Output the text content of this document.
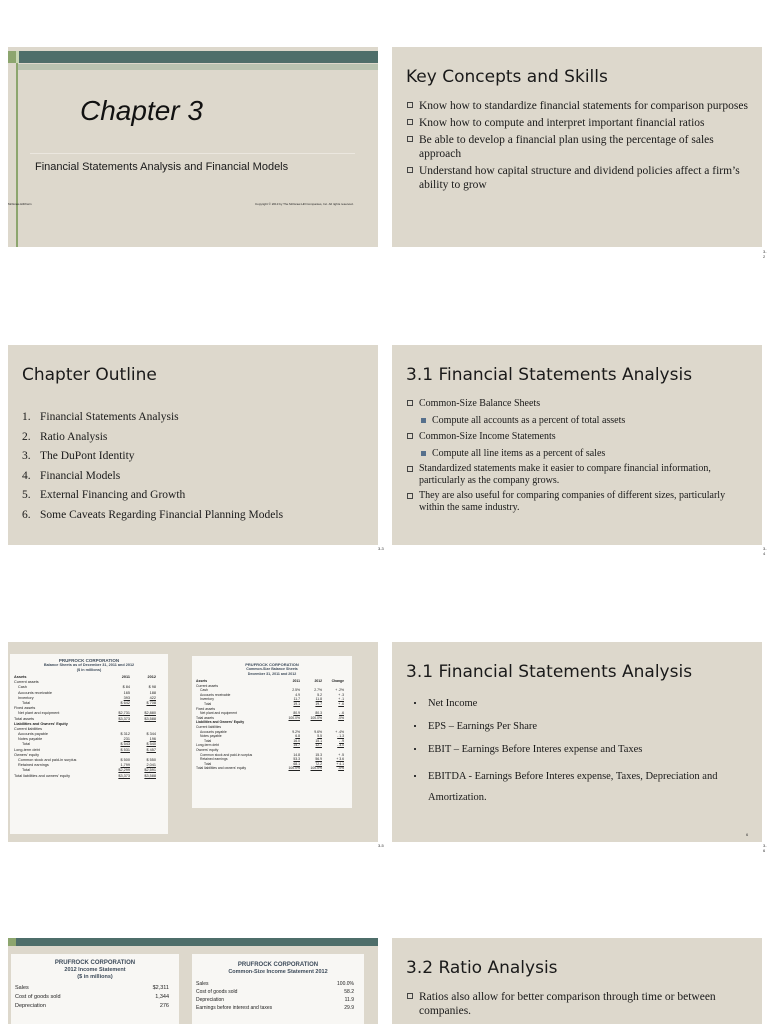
Chapter 3
Financial Statements Analysis and Financial Models
McGraw-Hill/Irwin	Copyright © 2013 by The McGraw-Hill Companies, Inc. All rights reserved.
Key Concepts and Skills
Know how to standardize financial statements for comparison purposes
Know how to compute and interpret important financial ratios
Be able to develop a financial plan using the percentage of sales approach
Understand how capital structure and dividend policies affect a firm’s ability to grow
3-2
Chapter Outline
1. Financial Statements Analysis
2. Ratio Analysis
3. The DuPont Identity
4. Financial Models
5. External Financing and Growth
6. Some Caveats Regarding Financial Planning Models
3-3
3.1 Financial Statements Analysis
Common-Size Balance Sheets
Compute all accounts as a percent of total assets
Common-Size Income Statements
Compute all line items as a percent of sales
Standardized statements make it easier to compare financial information, particularly as the company grows.
They are also useful for comparing companies of different sizes, particularly within the same industry.
3-4
PRUFROCK CORPORATION
Balance Sheets as of December 31, 2011 and 2012
($ in millions)
Assets	2011	2012
Current assets
Cash	$ 84	$ 98
Accounts receivable	165	188
Inventory	393	422
Total	$ 642	$ 708
Fixed assets
Net plant and equipment	$2,731	$2,880
Total assets	$3,373	$3,588
Liabilities and Owners' Equity
Current liabilities
Accounts payable	$ 312	$ 344
Notes payable	231	196
Total	$ 543	$ 540
Long-term debt	$ 531	$ 457
Owners' equity
Common stock and paid-in surplus	$ 500	$ 550
Retained earnings	1,799	2,041
Total	$2,299	$2,591
Total liabilities and owners' equity	$3,373	$3,588
PRUFROCK CORPORATION
Common-Size Balance Sheets
December 31, 2011 and 2012
Assets	2011	2012	Change
Current assets
Cash	2.5%	2.7%	+ .2%
Accounts receivable	4.9	5.2	+ .3
Inventory	11.7	11.8	+ .1
Total	19.1	19.7	+ .6
Fixed assets
Net plant and equipment	80.9	80.3	- .6
Total assets	100.0%	100.0%	.0%
Liabilities and Owners' Equity
Current liabilities
Accounts payable	9.2%	9.6%	+ .4%
Notes payable	6.8	5.5	- 1.3
Total	16.0	15.1	- .9
Long-term debt	15.7	12.7	- 3.0
Owners' equity
Common stock and paid-in surplus	14.8	15.3	+ .5
Retained earnings	53.3	56.9	+ 3.6
Total	68.1	72.2	+ 4.1
Total liabilities and owners' equity	100.0%	100.0%	.0%
3-5
3.1 Financial Statements Analysis
Net Income
EPS – Earnings Per Share
EBIT – Earnings Before Interes expense and Taxes
EBITDA - Earnings Before Interes expense, Taxes, Depreciation and Amortization.
6
3-6
PRUFROCK CORPORATION
2012 Income Statement
($ in millions)
Sales	$2,311
Cost of goods sold	1,344
Depreciation	276
PRUFROCK CORPORATION
Common-Size Income Statement 2012
Sales	100.0%
Cost of goods sold	58.2
Depreciation	11.9
Earnings before interest and taxes	29.9
3.2 Ratio Analysis
Ratios also allow for better comparison through time or between companies.
